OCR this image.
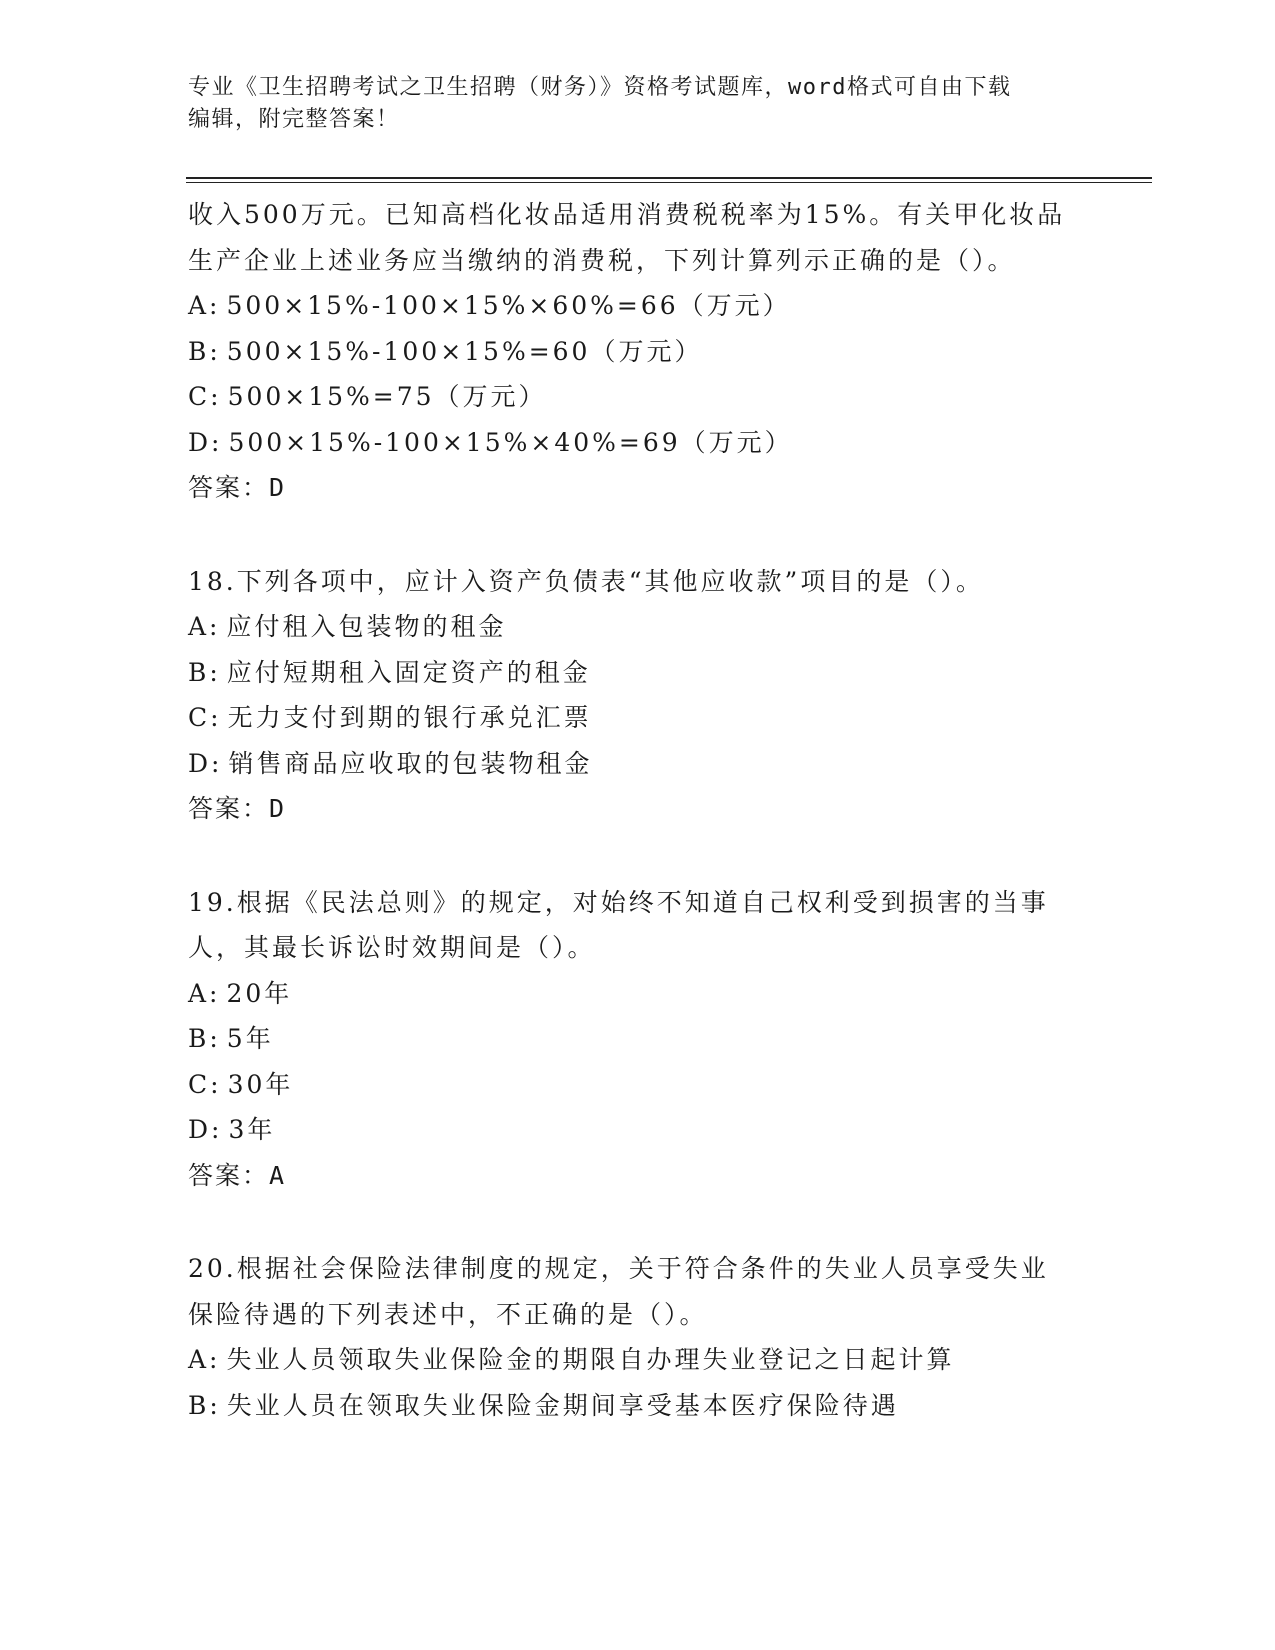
专业《卫生招聘考试之卫生招聘（财务）》资格考试题库，word格式可自由下载
编辑，附完整答案！
收入500万元。已知高档化妆品适用消费税税率为15%。有关甲化妆品
生产企业上述业务应当缴纳的消费税，下列计算列示正确的是（）。
A: 500×15%-100×15%×60%=66（万元）
B: 500×15%-100×15%=60（万元）
C: 500×15%=75（万元）
D: 500×15%-100×15%×40%=69（万元）
答案：D
18.下列各项中，应计入资产负债表“其他应收款”项目的是（）。
A: 应付租入包装物的租金
B: 应付短期租入固定资产的租金
C: 无力支付到期的银行承兑汇票
D: 销售商品应收取的包装物租金
答案：D
19.根据《民法总则》的规定，对始终不知道自己权利受到损害的当事
人，其最长诉讼时效期间是（）。
A: 20年
B: 5年
C: 30年
D: 3年
答案：A
20.根据社会保险法律制度的规定，关于符合条件的失业人员享受失业
保险待遇的下列表述中，不正确的是（）。
A: 失业人员领取失业保险金的期限自办理失业登记之日起计算
B: 失业人员在领取失业保险金期间享受基本医疗保险待遇
